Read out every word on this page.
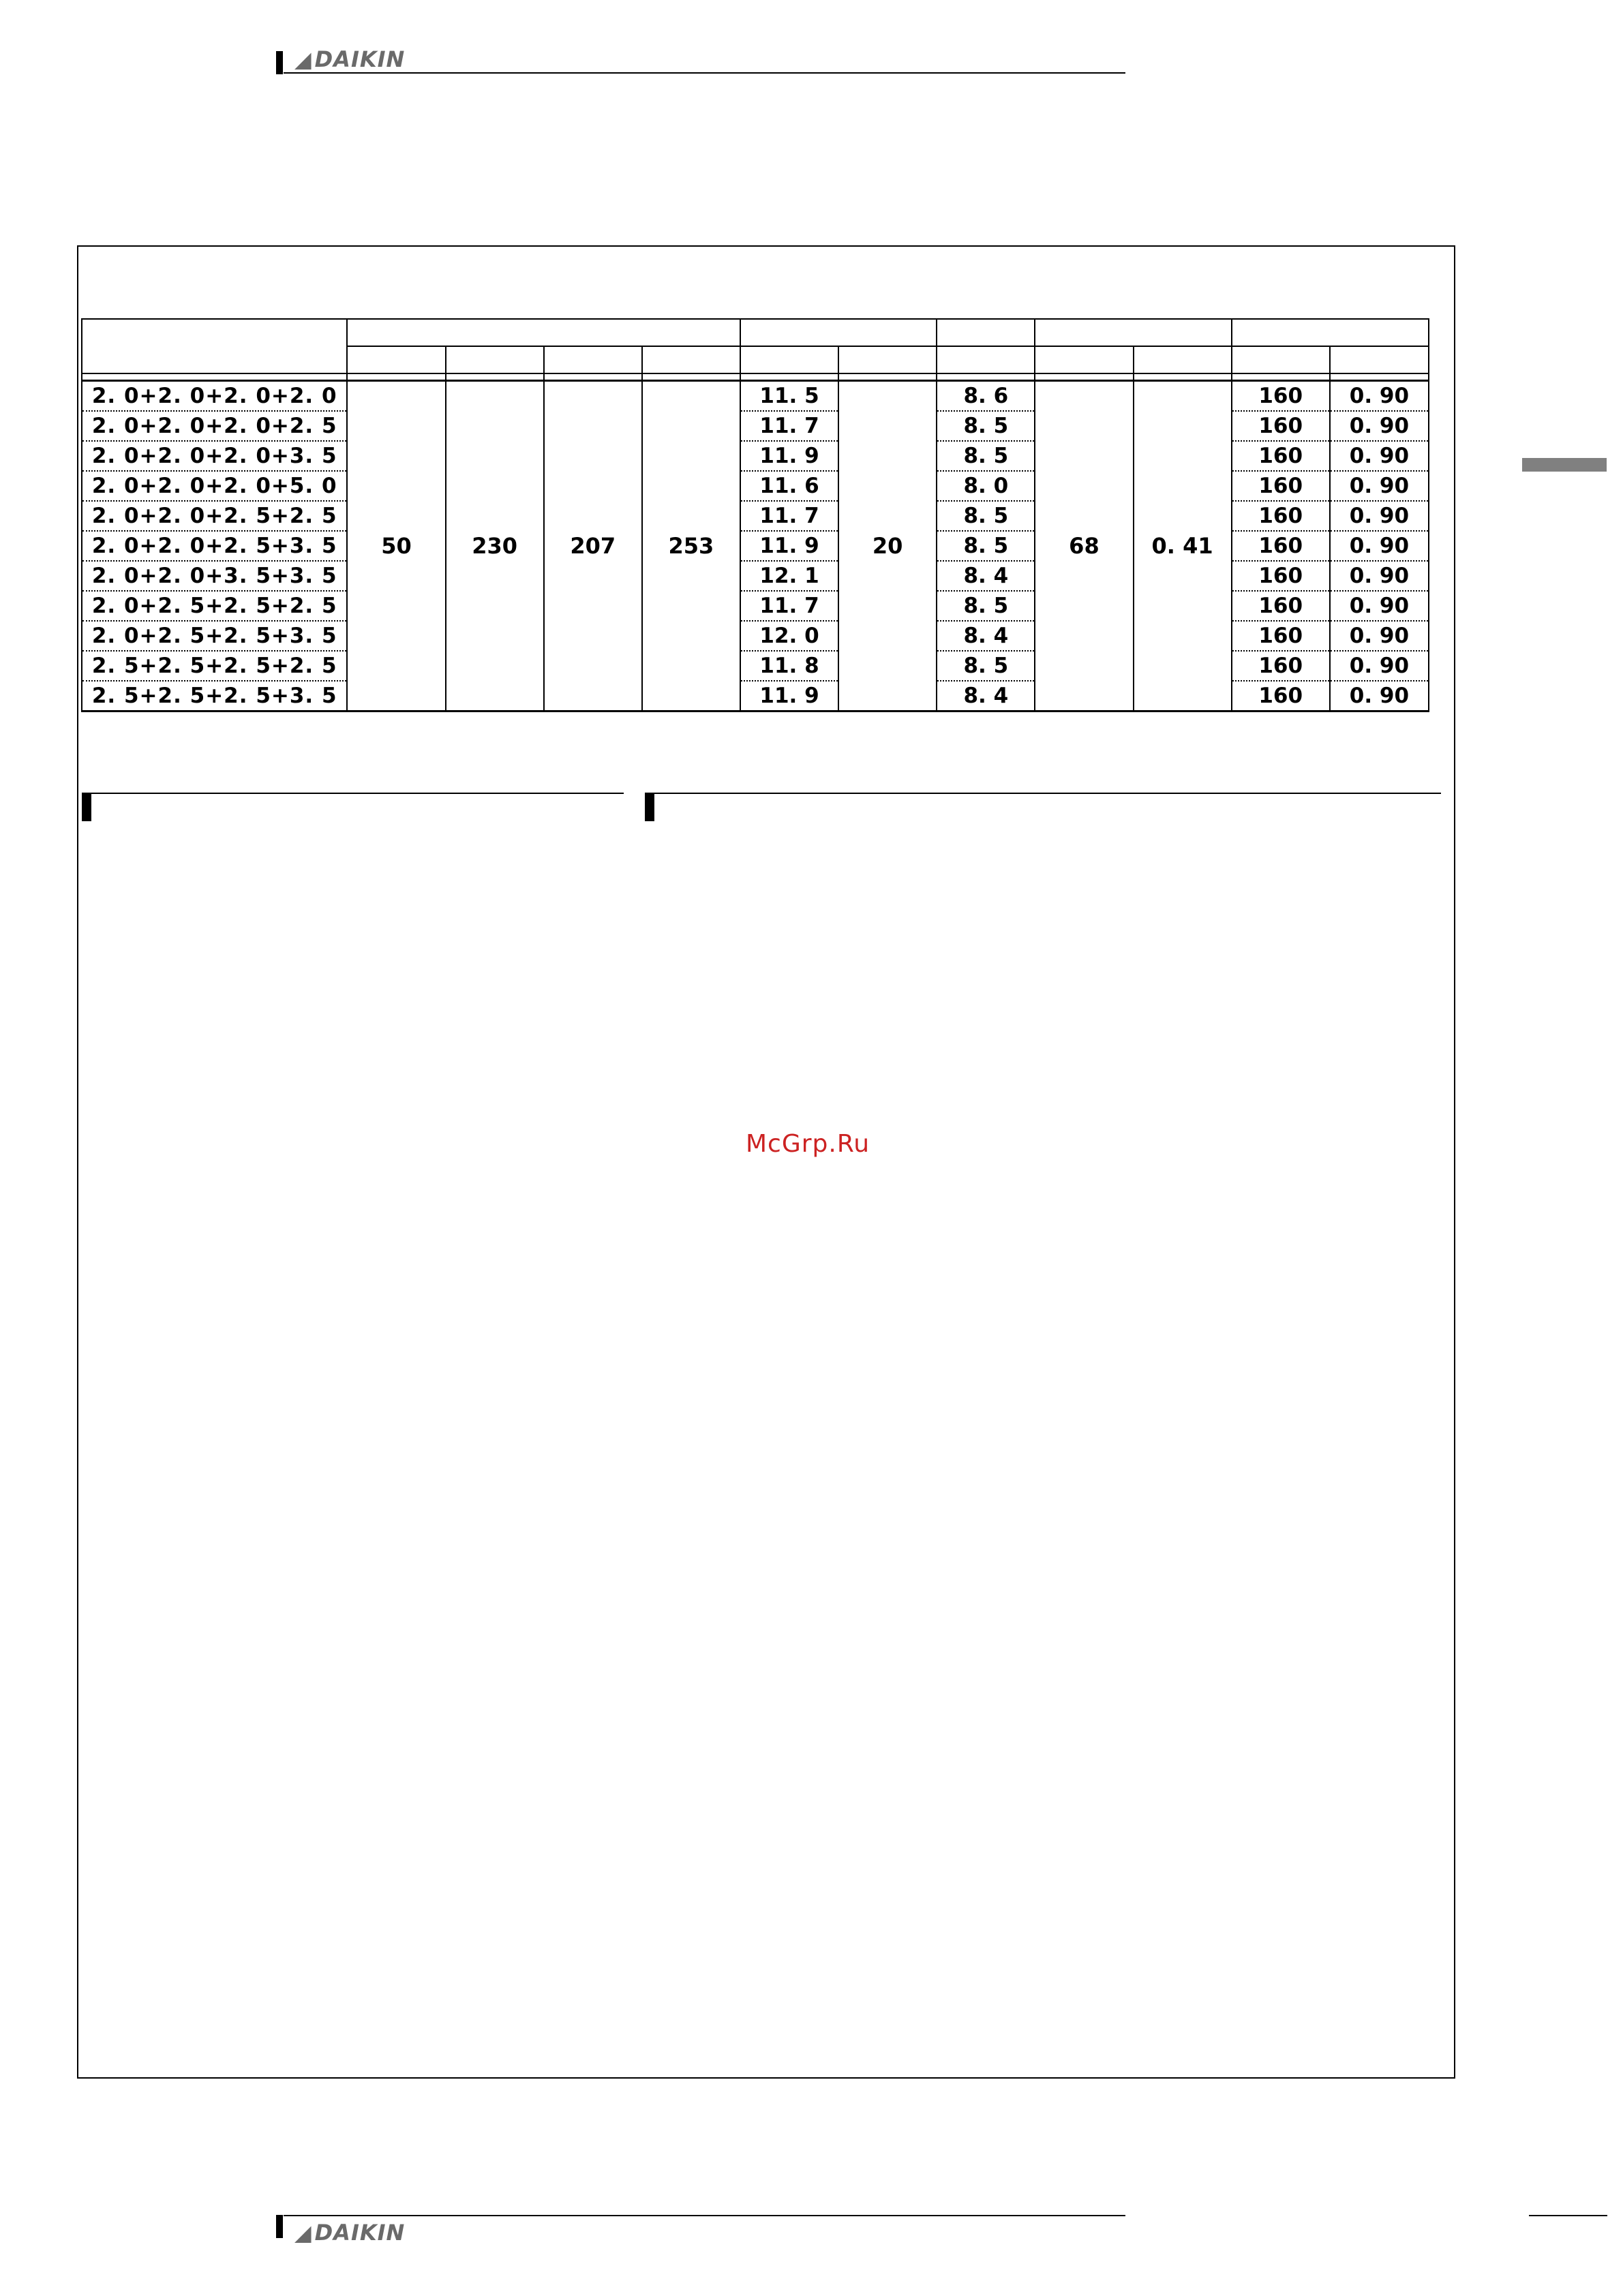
◢ DAIKIN

2. 0+2. 0+2. 0+2. 0	50	230	207	253	11. 5	20	8. 6	68	0. 41	160	0. 90
2. 0+2. 0+2. 0+2. 5					11. 7		8. 5			160	0. 90
2. 0+2. 0+2. 0+3. 5					11. 9		8. 5			160	0. 90
2. 0+2. 0+2. 0+5. 0					11. 6		8. 0			160	0. 90
2. 0+2. 0+2. 5+2. 5					11. 7		8. 5			160	0. 90
2. 0+2. 0+2. 5+3. 5					11. 9		8. 5			160	0. 90
2. 0+2. 0+3. 5+3. 5					12. 1		8. 4			160	0. 90
2. 0+2. 5+2. 5+2. 5					11. 7		8. 5			160	0. 90
2. 0+2. 5+2. 5+3. 5					12. 0		8. 4			160	0. 90
2. 5+2. 5+2. 5+2. 5					11. 8		8. 5			160	0. 90
2. 5+2. 5+2. 5+3. 5					11. 9		8. 4			160	0. 90
McGrp.Ru
◢ DAIKIN
